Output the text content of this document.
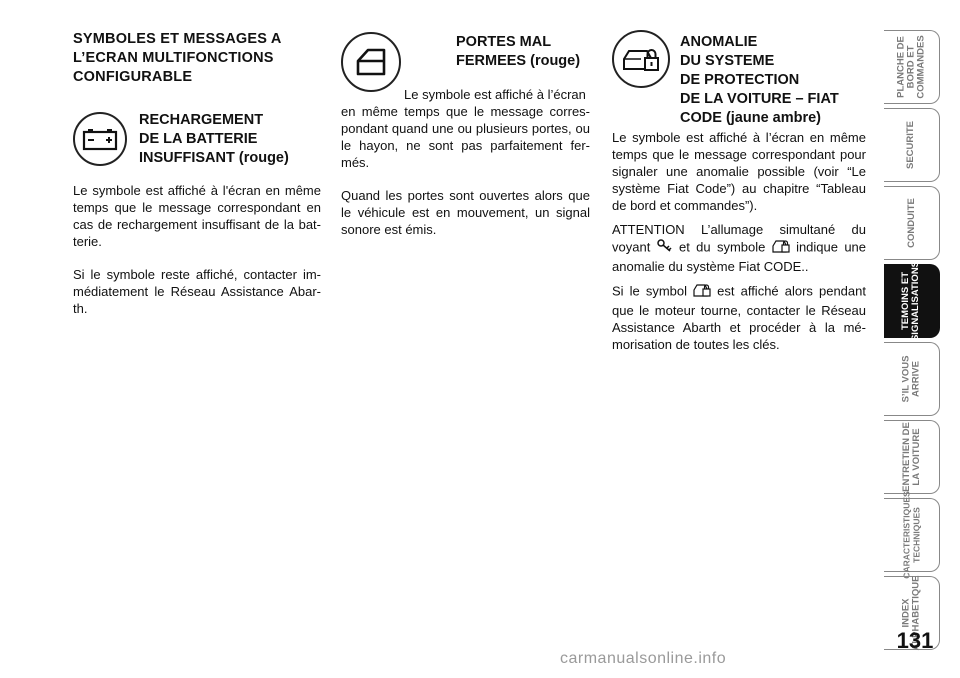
SYMBOLES ET MESSAGES A L’ECRAN MULTIFONCTIONS CONFIGURABLE
RECHARGEMENT
DE LA BATTERIE
INSUFFISANT (rouge)

Le symbole est affiché à l'écran en même temps que le message correspondant en cas de rechargement insuffisant de la bat-terie.

Si le symbole reste affiché, contacter im-médiatement le Réseau Assistance Abar-th.

PORTES MAL
FERMEES (rouge)

Le symbole est affiché à l’écran

en même temps que le message corres-pondant quand une ou plusieurs portes, ou le hayon, ne sont pas parfaitement fer-més.

Quand les portes sont ouvertes alors que le véhicule est en mouvement, un signal sonore est émis.

ANOMALIE
DU SYSTEME
DE PROTECTION
DE LA VOITURE – FIAT
CODE (jaune ambre)

Le symbole est affiché à l’écran en même temps que le message correspondant pour signaler une anomalie possible (voir “Le système Fiat Code”) au chapitre “Tableau de bord et commandes”).

ATTENTION L’allumage simultané du voyant et du symbole indique une anomalie du système Fiat CODE..

Si le symbol est affiché alors pendant que le moteur tourne, contacter le Réseau Assistance Abarth et procéder à la mé-morisation de toutes les clés.

PLANCHE DE
BORD ET
COMMANDES
SECURITE
CONDUITE
TEMOINS ET
SIGNALISATIONS
S’IL VOUS
ARRIVE
ENTRETIEN DE
LA VOITURE
CARACTERISTIQUES
TECHNIQUES
INDEX
ALPHABETIQUE
131
carmanualsonline.info
